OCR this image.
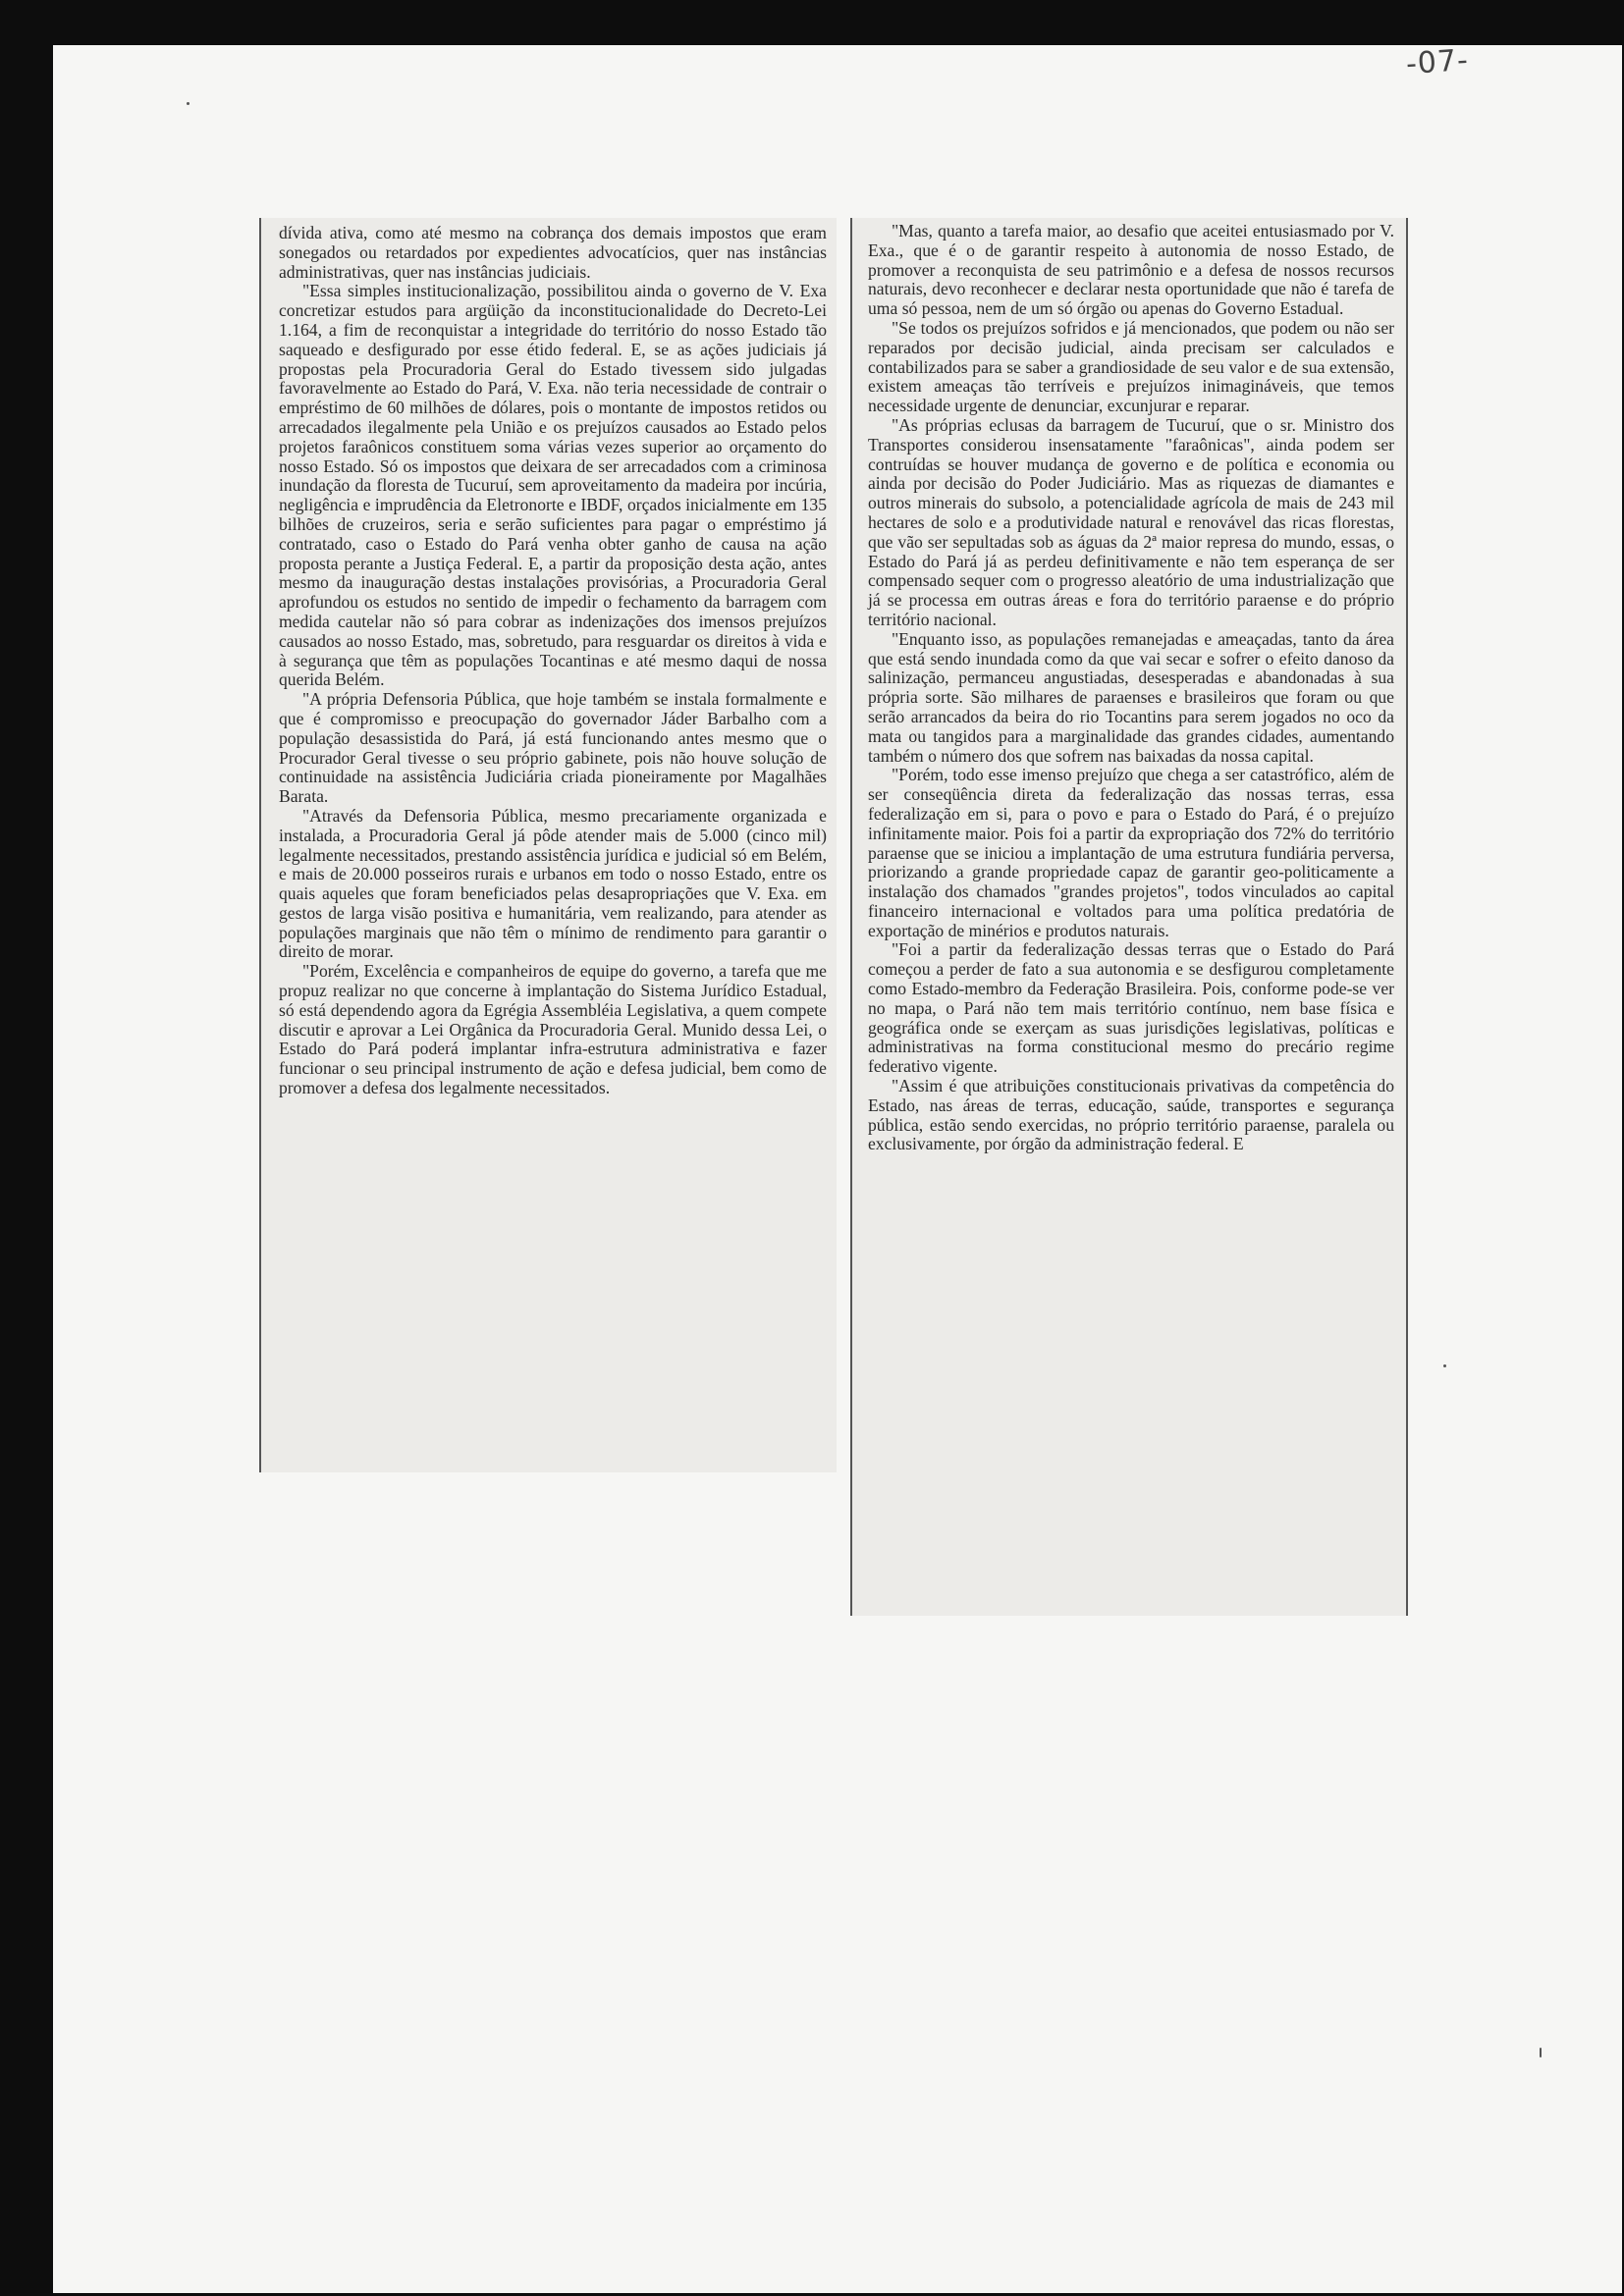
-07-

dívida ativa, como até mesmo na cobrança dos demais impostos que eram sonegados ou retardados por expedientes advocatícios, quer nas instâncias administrativas, quer nas instâncias judiciais.

"Essa simples institucionalização, possibilitou ainda o governo de V. Exa concretizar estudos para argüição da inconstitucionalidade do Decreto-Lei 1.164, a fim de reconquistar a integridade do território do nosso Estado tão saqueado e desfigurado por esse étido federal. E, se as ações judiciais já propostas pela Procuradoria Geral do Estado tivessem sido julgadas favoravelmente ao Estado do Pará, V. Exa. não teria necessidade de contrair o empréstimo de 60 milhões de dólares, pois o montante de impostos retidos ou arrecadados ilegalmente pela União e os prejuízos causados ao Estado pelos projetos faraônicos constituem soma várias vezes superior ao orçamento do nosso Estado. Só os impostos que deixara de ser arrecadados com a criminosa inundação da floresta de Tucuruí, sem aproveitamento da madeira por incúria, negligência e imprudência da Eletronorte e IBDF, orçados inicialmente em 135 bilhões de cruzeiros, seria e serão suficientes para pagar o empréstimo já contratado, caso o Estado do Pará venha obter ganho de causa na ação proposta perante a Justiça Federal. E, a partir da proposição desta ação, antes mesmo da inauguração destas instalações provisórias, a Procuradoria Geral aprofundou os estudos no sentido de impedir o fechamento da barragem com medida cautelar não só para cobrar as indenizações dos imensos prejuízos causados ao nosso Estado, mas, sobretudo, para resguardar os direitos à vida e à segurança que têm as populações Tocantinas e até mesmo daqui de nossa querida Belém.

"A própria Defensoria Pública, que hoje também se instala formalmente e que é compromisso e preocupação do governador Jáder Barbalho com a população desassistida do Pará, já está funcionando antes mesmo que o Procurador Geral tivesse o seu próprio gabinete, pois não houve solução de continuidade na assistência Judiciária criada pioneiramente por Magalhães Barata.

"Através da Defensoria Pública, mesmo precariamente organizada e instalada, a Procuradoria Geral já pôde atender mais de 5.000 (cinco mil) legalmente necessitados, prestando assistência jurídica e judicial só em Belém, e mais de 20.000 posseiros rurais e urbanos em todo o nosso Estado, entre os quais aqueles que foram beneficiados pelas desapropriações que V. Exa. em gestos de larga visão positiva e humanitária, vem realizando, para atender as populações marginais que não têm o mínimo de rendimento para garantir o direito de morar.

"Porém, Excelência e companheiros de equipe do governo, a tarefa que me propuz realizar no que concerne à implantação do Sistema Jurídico Estadual, só está dependendo agora da Egrégia Assembléia Legislativa, a quem compete discutir e aprovar a Lei Orgânica da Procuradoria Geral. Munido dessa Lei, o Estado do Pará poderá implantar infra-estrutura administrativa e fazer funcionar o seu principal instrumento de ação e defesa judicial, bem como de promover a defesa dos legalmente necessitados.

"Mas, quanto a tarefa maior, ao desafio que aceitei entusiasmado por V. Exa., que é o de garantir respeito à autonomia de nosso Estado, de promover a reconquista de seu patrimônio e a defesa de nossos recursos naturais, devo reconhecer e declarar nesta oportunidade que não é tarefa de uma só pessoa, nem de um só órgão ou apenas do Governo Estadual.

"Se todos os prejuízos sofridos e já mencionados, que podem ou não ser reparados por decisão judicial, ainda precisam ser calculados e contabilizados para se saber a grandiosidade de seu valor e de sua extensão, existem ameaças tão terríveis e prejuízos inimagináveis, que temos necessidade urgente de denunciar, excunjurar e reparar.

"As próprias eclusas da barragem de Tucuruí, que o sr. Ministro dos Transportes considerou insensatamente "faraônicas", ainda podem ser contruídas se houver mudança de governo e de política e economia ou ainda por decisão do Poder Judiciário. Mas as riquezas de diamantes e outros minerais do subsolo, a potencialidade agrícola de mais de 243 mil hectares de solo e a produtividade natural e renovável das ricas florestas, que vão ser sepultadas sob as águas da 2ª maior represa do mundo, essas, o Estado do Pará já as perdeu definitivamente e não tem esperança de ser compensado sequer com o progresso aleatório de uma industrialização que já se processa em outras áreas e fora do território paraense e do próprio território nacional.

"Enquanto isso, as populações remanejadas e ameaçadas, tanto da área que está sendo inundada como da que vai secar e sofrer o efeito danoso da salinização, permanceu angustiadas, desesperadas e abandonadas à sua própria sorte. São milhares de paraenses e brasileiros que foram ou que serão arrancados da beira do rio Tocantins para serem jogados no oco da mata ou tangidos para a marginalidade das grandes cidades, aumentando também o número dos que sofrem nas baixadas da nossa capital.

"Porém, todo esse imenso prejuízo que chega a ser catastrófico, além de ser conseqüência direta da federalização das nossas terras, essa federalização em si, para o povo e para o Estado do Pará, é o prejuízo infinitamente maior. Pois foi a partir da expropriação dos 72% do território paraense que se iniciou a implantação de uma estrutura fundiária perversa, priorizando a grande propriedade capaz de garantir geo-politicamente a instalação dos chamados "grandes projetos", todos vinculados ao capital financeiro internacional e voltados para uma política predatória de exportação de minérios e produtos naturais.

"Foi a partir da federalização dessas terras que o Estado do Pará começou a perder de fato a sua autonomia e se desfigurou completamente como Estado-membro da Federação Brasileira. Pois, conforme pode-se ver no mapa, o Pará não tem mais território contínuo, nem base física e geográfica onde se exerçam as suas jurisdições legislativas, políticas e administrativas na forma constitucional mesmo do precário regime federativo vigente.

"Assim é que atribuições constitucionais privativas da competência do Estado, nas áreas de terras, educação, saúde, transportes e segurança pública, estão sendo exercidas, no próprio território paraense, paralela ou exclusivamente, por órgão da administração federal. E
